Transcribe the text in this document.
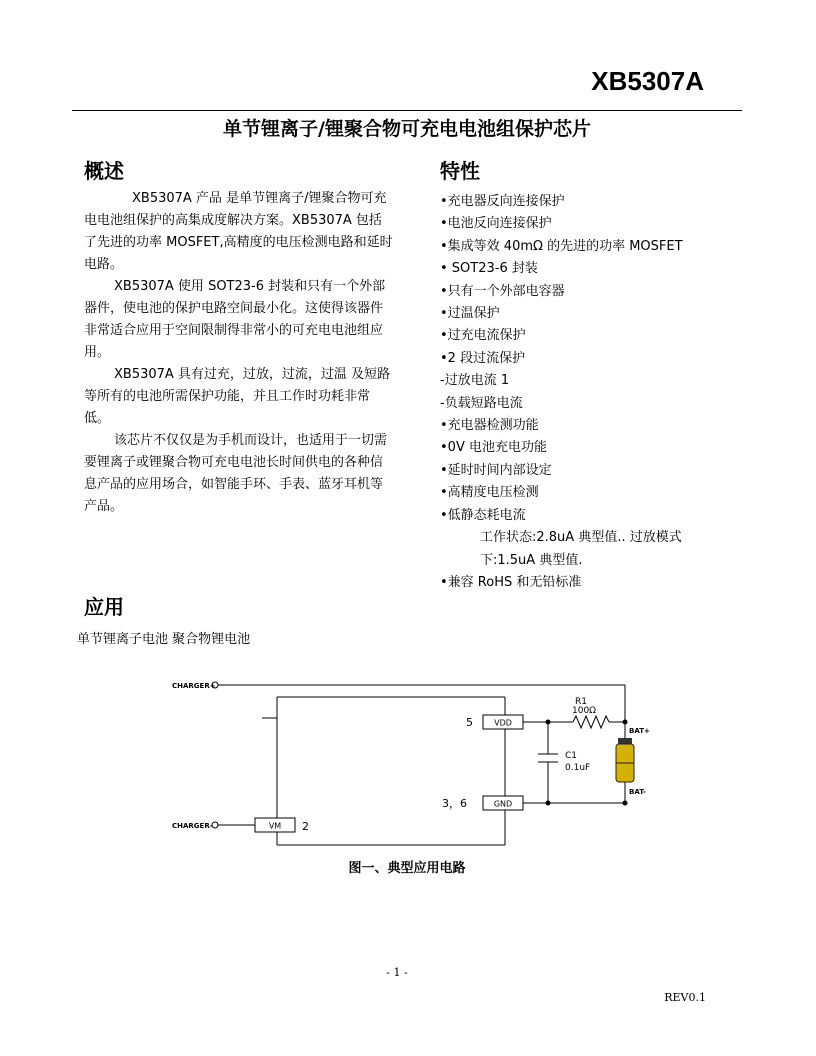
XB5307A
单节锂离子/锂聚合物可充电电池组保护芯片
概述

XB5307A 产品 是单节锂离子/锂聚合物可充电电池组保护的高集成度解决方案。XB5307A 包括了先进的功率 MOSFET,高精度的电压检测电路和延时电路。

XB5307A 使用 SOT23-6 封装和只有一个外部器件，使电池的保护电路空间最小化。这使得该器件非常适合应用于空间限制得非常小的可充电电池组应用。

XB5307A 具有过充，过放，过流，过温 及短路等所有的电池所需保护功能，并且工作时功耗非常低。

该芯片不仅仅是为手机而设计，也适用于一切需要锂离子或锂聚合物可充电电池长时间供电的各种信息产品的应用场合，如智能手环、手表、蓝牙耳机等产品。

特性
•充电器反向连接保护
•电池反向连接保护
•集成等效 40mΩ 的先进的功率 MOSFET
• SOT23-6 封装
•只有一个外部电容器
•过温保护
•过充电流保护
•2 段过流保护
-过放电流 1
-负载短路电流
•充电器检测功能
•0V 电池充电功能
•延时时间内部设定
•高精度电压检测
•低静态耗电流
工作状态:2.8uA 典型值.. 过放模式
下:1.5uA 典型值.
•兼容 RoHS 和无铅标准
应用
单节锂离子电池 聚合物锂电池
CHARGER+
CHARGER-
VDD
GND
VM
5
3，6
2
R1
100Ω
C1
0.1uF
BAT+
BAT-
图一、典型应用电路
- 1 -
REV0.1
